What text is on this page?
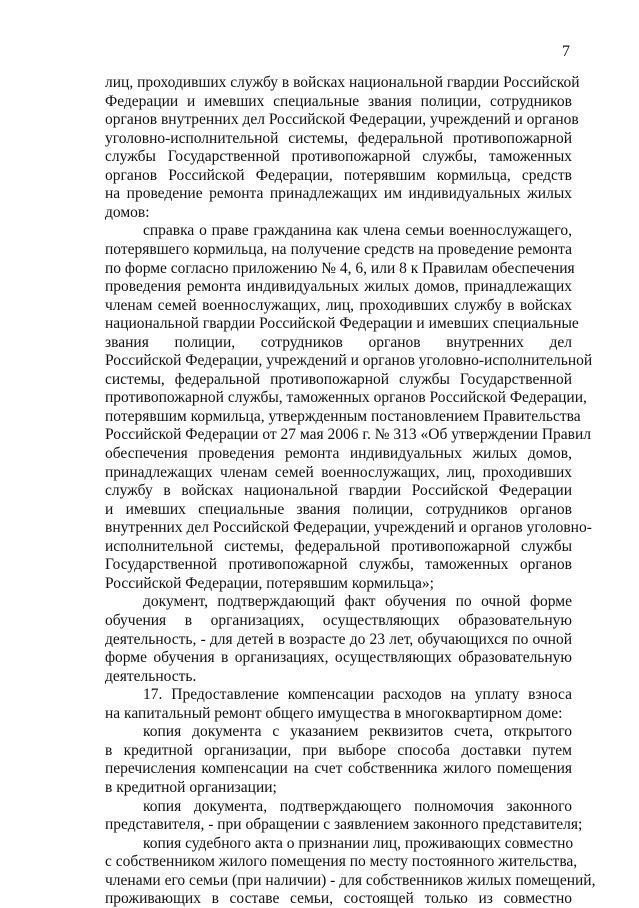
7
лиц, проходивших службу в войсках национальной гвардии Российской
Федерации и имевших специальные звания полиции, сотрудников
органов внутренних дел Российской Федерации, учреждений и органов
уголовно-исполнительной системы, федеральной противопожарной
службы Государственной противопожарной службы, таможенных
органов Российской Федерации, потерявшим кормильца, средств
на проведение ремонта принадлежащих им индивидуальных жилых
домов:
справка о праве гражданина как члена семьи военнослужащего,
потерявшего кормильца, на получение средств на проведение ремонта
по форме согласно приложению № 4, 6, или 8 к Правилам обеспечения
проведения ремонта индивидуальных жилых домов, принадлежащих
членам семей военнослужащих, лиц, проходивших службу в войсках
национальной гвардии Российской Федерации и имевших специальные
звания полиции, сотрудников органов внутренних дел
Российской Федерации, учреждений и органов уголовно-исполнительной
системы, федеральной противопожарной службы Государственной
противопожарной службы, таможенных органов Российской Федерации,
потерявшим кормильца, утвержденным постановлением Правительства
Российской Федерации от 27 мая 2006 г. № 313 «Об утверждении Правил
обеспечения проведения ремонта индивидуальных жилых домов,
принадлежащих членам семей военнослужащих, лиц, проходивших
службу в войсках национальной гвардии Российской Федерации
и имевших специальные звания полиции, сотрудников органов
внутренних дел Российской Федерации, учреждений и органов уголовно-
исполнительной системы, федеральной противопожарной службы
Государственной противопожарной службы, таможенных органов
Российской Федерации, потерявшим кормильца»;
документ, подтверждающий факт обучения по очной форме
обучения в организациях, осуществляющих образовательную
деятельность, - для детей в возрасте до 23 лет, обучающихся по очной
форме обучения в организациях, осуществляющих образовательную
деятельность.
17. Предоставление компенсации расходов на уплату взноса
на капитальный ремонт общего имущества в многоквартирном доме:
копия документа с указанием реквизитов счета, открытого
в кредитной организации, при выборе способа доставки путем
перечисления компенсации на счет собственника жилого помещения
в кредитной организации;
копия документа, подтверждающего полномочия законного
представителя, - при обращении с заявлением законного представителя;
копия судебного акта о признании лиц, проживающих совместно
с собственником жилого помещения по месту постоянного жительства,
членами его семьи (при наличии) - для собственников жилых помещений,
проживающих в составе семьи, состоящей только из совместно
